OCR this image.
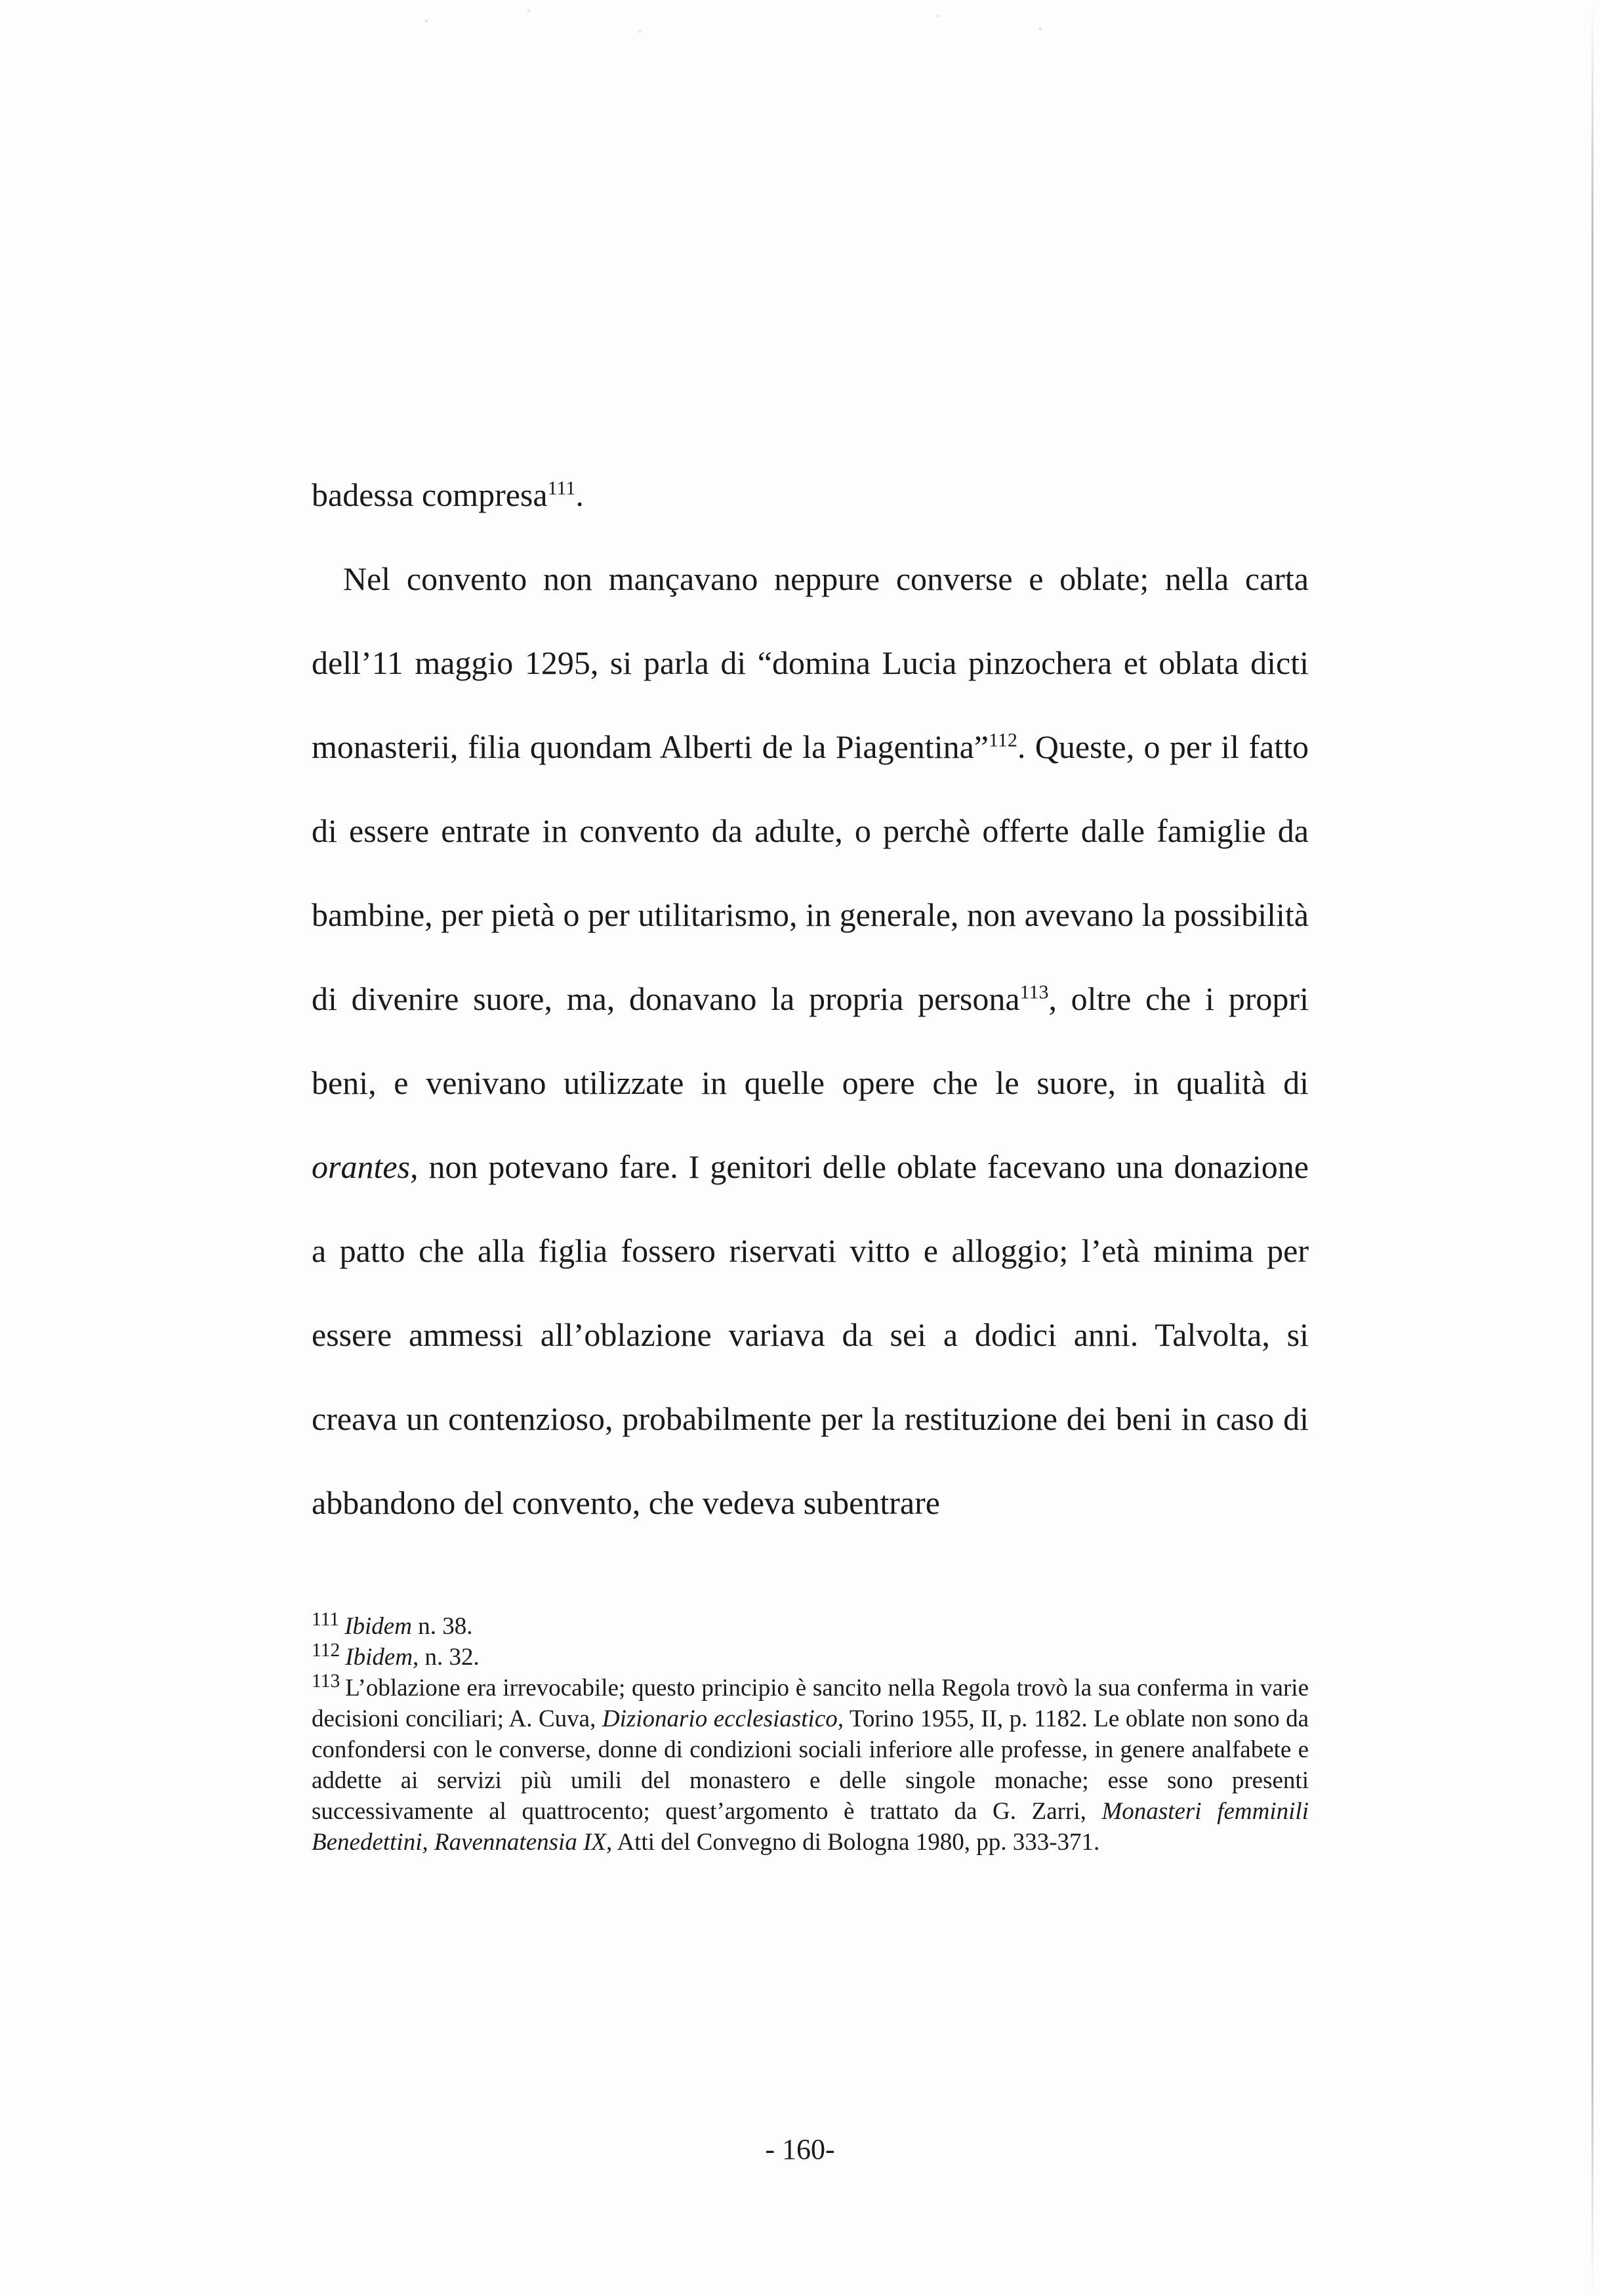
badessa compresa$^{111}$.

Nel convento non mançavano neppure converse e oblate; nella carta dell’11 maggio 1295, si parla di “domina Lucia pinzochera et oblata dicti monasterii, filia quondam Alberti de la Piagentina”$^{112}$. Queste, o per il fatto di essere entrate in convento da adulte, o perchè offerte dalle famiglie da bambine, per pietà o per utilitarismo, in generale, non avevano la possibilità di divenire suore, ma, donavano la propria persona$^{113}$, oltre che i propri beni, e venivano utilizzate in quelle opere che le suore, in qualità di orantes, non potevano fare. I genitori delle oblate facevano una donazione a patto che alla figlia fossero riservati vitto e alloggio; l’età minima per essere ammessi all’oblazione variava da sei a dodici anni. Talvolta, si creava un contenzioso, probabilmente per la restituzione dei beni in caso di abbandono del convento, che vedeva subentrare

$^{111}$ Ibidem n. 38.

$^{112}$ Ibidem, n. 32.

$^{113}$ L’oblazione era irrevocabile; questo principio è sancito nella Regola trovò la sua conferma in varie decisioni conciliari; A. Cuva, Dizionario ecclesiastico, Torino 1955, II, p. 1182. Le oblate non sono da confondersi con le converse, donne di condizioni sociali inferiore alle professe, in genere analfabete e addette ai servizi più umili del monastero e delle singole monache; esse sono presenti successivamente al quattrocento; quest’argomento è trattato da G. Zarri, Monasteri femminili Benedettini, Ravennatensia IX, Atti del Convegno di Bologna 1980, pp. 333-371.

- 160-
